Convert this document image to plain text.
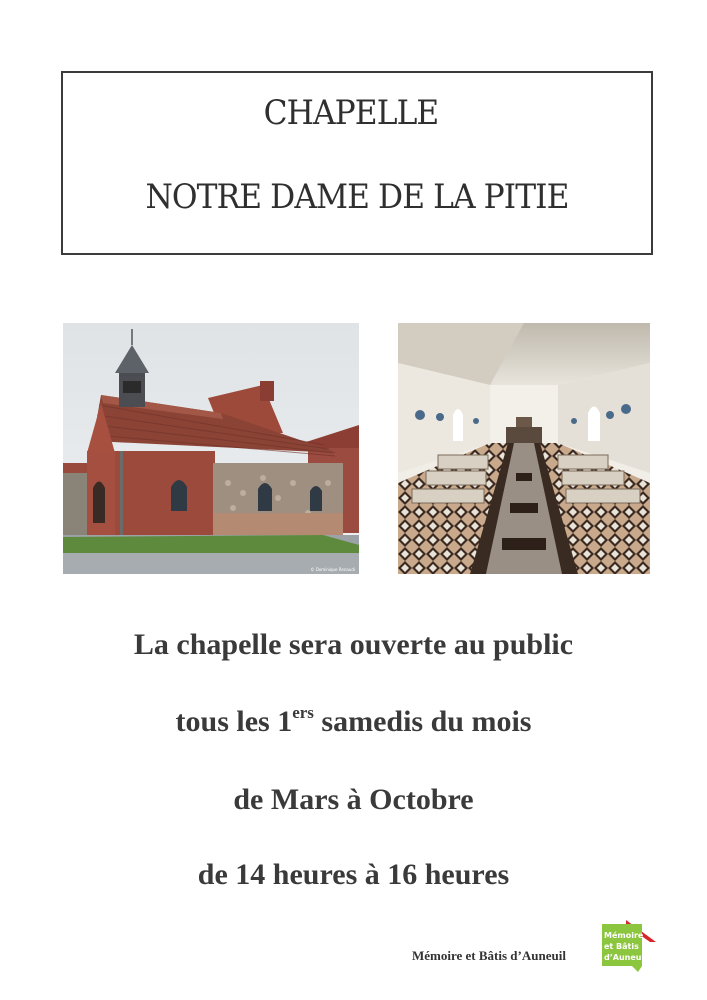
CHAPELLE
NOTRE DAME DE LA PITIE
© Dominique Renaudi
La chapelle sera ouverte au public
tous les 1ers samedis du mois
de Mars à Octobre
de 14 heures à 16 heures
Mémoire et Bâtis d’Auneuil
Mémoire
et Bâtis
d’Auneuil
